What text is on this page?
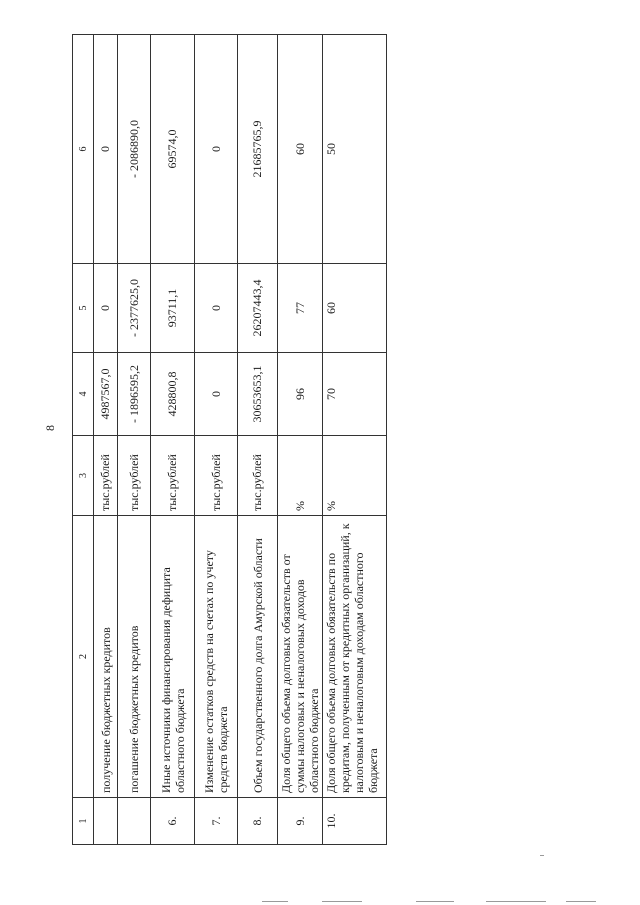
8
1	2	3	4	5	6
	получение бюджетных кредитов	тыс.рублей	4987567,0	0	0
	погашение бюджетных кредитов	тыс.рублей	- 1896595,2	- 2377625,0	- 2086890,0
6.	Иные источники финансирования дефицита областного бюджета	тыс.рублей	428800,8	93711,1	69574,0
7.	Изменение остатков средств на счетах по учету средств бюджета	тыс.рублей	0	0	0
8.	Объем государственного долга Амурской области	тыс.рублей	30653653,1	26207443,4	21685765,9
9.	Доля общего объема долговых обязательств от суммы налоговых и неналоговых доходов областного бюджета	%	96	77	60
10.	Доля общего объема долговых обязательств по кредитам, полученным от кредитных организаций, к налоговым и неналоговым доходам областного бюджета	%	70	60	50
